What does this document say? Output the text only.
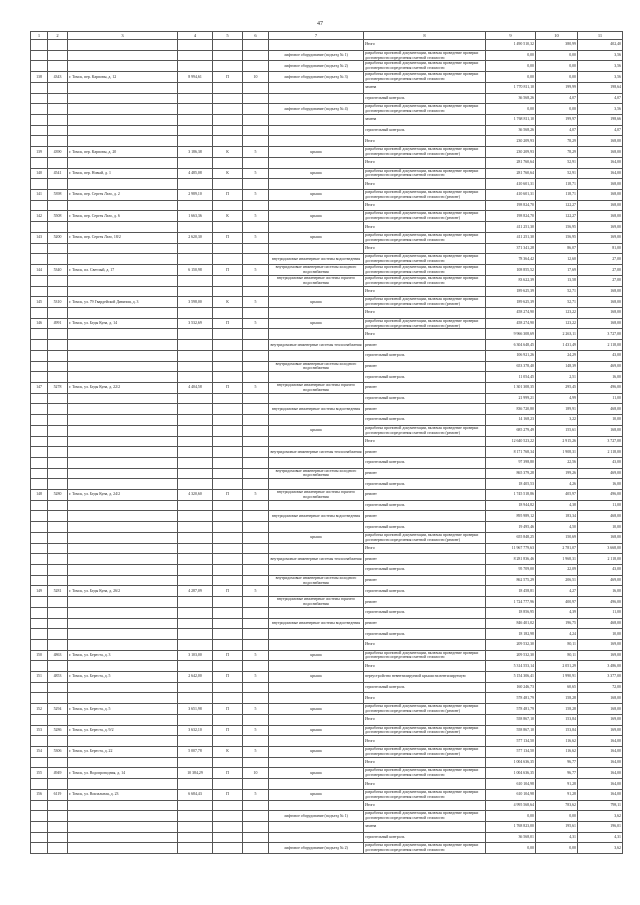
47
1	2	3	4	5	6	7	8	9	10	11
							Итого	1 490 510,32	380,99	402,40
						лифтовое оборудование (подъезд № 1)	разработка проектной документации, включая проведение проверки достоверности определения сметной стоимости	0,00	0,00	3,56
						лифтовое оборудование (подъезд № 2)	разработка проектной документации, включая проведение проверки достоверности определения сметной стоимости	0,00	0,00	3,56
138	4343	г. Томск, пер. Карповы, д. 12	8 994,61	П	10	лифтовое оборудование (подъезд № 3)	разработка проектной документации, включая проведение проверки достоверности определения сметной стоимости	0,00	0,00	3,56
							замена	1 770 811,10	199,99	198,64
							строительный контроль	36 568,26	4,07	4,07
						лифтовое оборудование (подъезд № 4)	разработка проектной документации, включая проведение проверки достоверности определения сметной стоимости	0,00	0,00	3,56
							замена	1 768 811,10	199,97	198,66
							строительный контроль	36 568,26	4,07	4,07
							Итого	230 209,93	78,29	168,00
139	4390	г. Томск, пер. Карповы, д. 20	3 186,38	К	5	крыша	разработка проектной документации, включая проведение проверки достоверности определения сметной стоимости (ремонт)	230 209,93	78,29	168,00
							Итого	281 760,64	52,91	164,00
140	4541	г. Томск, пер. Новый, д. 1	4 485,08	К	5	крыша	разработка проектной документации, включая проведение проверки достоверности определения сметной стоимости	281 760,64	52,91	164,00
							Итого	410 601,31	118,71	168,00
141	5398	г. Томск, пер. Сергея Лазо, д. 2	2 989,10	П	5	крыша	разработка проектной документации, включая проведение проверки достоверности определения сметной стоимости (ремонт)	410 601,31	118,71	168,00
							Итого	198 824,70	122,27	168,00
142	5508	г. Томск, пер. Сергея Лазо, д. 6	1 663,36	К	5	крыша	разработка проектной документации, включая проведение проверки достоверности определения сметной стоимости (ремонт)	198 824,70	122,27	168,00
							Итого	411 251,30	156,95	169,00
143	5200	г. Томск, пер. Сергея Лазо, 18/2	2 620,30	П	5	крыша	разработка проектной документации, включая проведение проверки достоверности определения сметной стоимости	411 251,30	156,95	169,00
							Итого	371 341,28	86,07	81,00
						внутридомовые инженерные системы водоотведения	разработка проектной документации, включая проведение проверки достоверности определения сметной стоимости	78 364,42	12,60	27,00
144	5340	г. Томск, пл. Светлый, д. 17	6 150,98	П	5	внутридомовые инженерные системы холодного водоснабжения	разработка проектной документации, включая проведение проверки достоверности определения сметной стоимости	108 855,52	17,69	27,00
						внутридомовые инженерные системы горячего водоснабжения	разработка проектной документации, включая проведение проверки достоверности определения сметной стоимости	83 622,39	13,58	27,00
							Итого	189 625,39	52,71	168,00
145	5310	г. Томск, ул. 79 Гвардейской Дивизии, д. 3	3 598,00	К	5	крыша	разработка проектной документации, включая проведение проверки достоверности определения сметной стоимости (ремонт)	189 625,39	52,71	168,00
							Итого	458 274,90	123,22	168,00
146	4991	г. Томск, ул. Беды Куна, д. 14	3 532,69	П	5	крыша	разработка проектной документации, включая проведение проверки достоверности определения сметной стоимости (ремонт)	458 274,90	123,22	168,00
							Итого	9 966 308,69	2 263,11	3 727,00
						внутридомовые инженерные системы теплоснабжения	ремонт	6 304 648,45	1 431,49	2 118,00
							строительный контроль	106 921,26	24,29	43,00
						внутридомовые инженерные системы холодного водоснабжения	ремонт	653 378,40	148,39	469,00
							строительный контроль	11 054,45	2,51	16,00
147	5278	г. Томск, ул. Беды Куна, д. 22/2	4 404,58	П	5	внутридомовые инженерные системы горячего водоснабжения	ремонт	1 301 308,35	295,45	496,00
							строительный контроль	21 999,21	4,99	11,00
						внутридомовые инженерные системы водоотведения	ремонт	836 720,80	189,91	468,00
							строительный контроль	14 168,23	3,22	10,00
						крыша	разработка проектной документации, включая проведение проверки достоверности определения сметной стоимости (ремонт)	685 279,49	155,61	168,00
							Итого	12 640 523,22	2 915,26	3 727,00
						внутридомовые инженерные системы теплоснабжения	ремонт	8 171 768,34	1 908,31	2 118,00
							строительный контроль	97 398,80	22,56	43,00
						внутридомовые инженерные системы холодного водоснабжения	ремонт	865 379,28	199,26	469,00
							строительный контроль	18 405,53	4,26	16,00
148	5280	г. Томск, ул. Беды Куна, д. 24/2	4 320,60	П	5	внутридомовые инженерные системы горячего водоснабжения	ремонт	1 745 518,86	405,97	496,00
							строительный контроль	18 944,82	4,38	11,00
						внутридомовые инженерные системы водоотведения	ремонт	895 989,12	183,34	468,00
							строительный контроль	19 495,46	4,50	10,00
						крыша	разработка проектной документации, включая проведение проверки достоверности определения сметной стоимости (ремонт)	655 848,25	150,69	168,00
							Итого	11 967 779,63	2 781,07	3 668,00
						внутридомовые инженерные системы теплоснабжения	ремонт	8 281 836,46	1 968,31	2 118,00
							строительный контроль	95 709,00	22,09	43,00
						внутридомовые инженерные системы холодного водоснабжения	ремонт	862 575,29	206,51	469,00
149	5281	г. Томск, ул. Беды Куна, д. 26/2	4 287,09	П	5		строительный контроль	18 458,81	4,27	16,00
						внутридомовые инженерные системы горячего водоснабжения	ремонт	1 724 777,96	400,97	496,00
							строительный контроль	18 856,95	4,39	11,00
						внутридомовые инженерные системы водоотведения	ремонт	846 401,02	196,75	468,00
							строительный контроль	18 182,98	4,24	10,00
							Итого	209 532,30	80,11	169,00
150	4863	г. Томск, ул. Береста, д. 3	3 103,00	П	5	крыша	разработка проектной документации, включая проведение проверки достоверности определения сметной стоимости	209 532,30	80,11	169,00
							Итого	5 314 553,14	2 051,29	3 486,00
151	4853	г. Томск, ул. Береста, д. 5	2 642,00	П	5	крыша	переустройство невентилируемой крыши на вентилируемую	5 154 306,41	1 990,91	3 377,00
							строительный контроль	160 246,73	60,65	72,00
							Итого	578 481,79	158,28	168,00
152	5294	г. Томск, ул. Береста, д. 5	3 651,98	П	5	крыша	разработка проектной документации, включая проведение проверки достоверности определения сметной стоимости (ремонт)	578 481,79	158,28	168,00
							Итого	558 867,10	153,84	169,00
153	5286	г. Томск, ул. Береста, д. 9/2	3 632,10	П	5	крыша	разработка проектной документации, включая проведение проверки достоверности определения сметной стоимости (ремонт)	558 867,10	153,84	169,00
							Итого	577 134,50	116,62	164,00
154	5306	г. Томск, ул. Береста, д. 22	5 007,78	К	5	крыша	разработка проектной документации, включая проведение проверки достоверности определения сметной стоимости (ремонт)	577 134,50	116,62	164,00
							Итого	1 004 636,35	96,77	164,00
155	4949	г. Томск, ул. Водопроводная, д. 14	10 384,29	П	10	крыша	разработка проектной документации, включая проведение проверки достоверности определения сметной стоимости	1 004 636,35	96,77	164,00
							Итого	610 104,98	91,28	164,00
156	6119	г. Томск, ул. Вокзальная, д. 23	6 684,43	П	5	крыша	разработка проектной документации, включая проведение проверки достоверности определения сметной стоимости	610 104,98	91,28	164,00
							Итого	4 995 568,64	783,62	798,11
						лифтовое оборудование (подъезд № 1)	разработка проектной документации, включая проведение проверки достоверности определения сметной стоимости	0,00	0,00	3,62
							замена	1 768 823,00	195,61	196,01
							строительный контроль	36 568,01	4,31	4,31
						лифтовое оборудование (подъезд № 2)	разработка проектной документации, включая проведение проверки достоверности определения сметной стоимости	0,00	0,00	3,62
